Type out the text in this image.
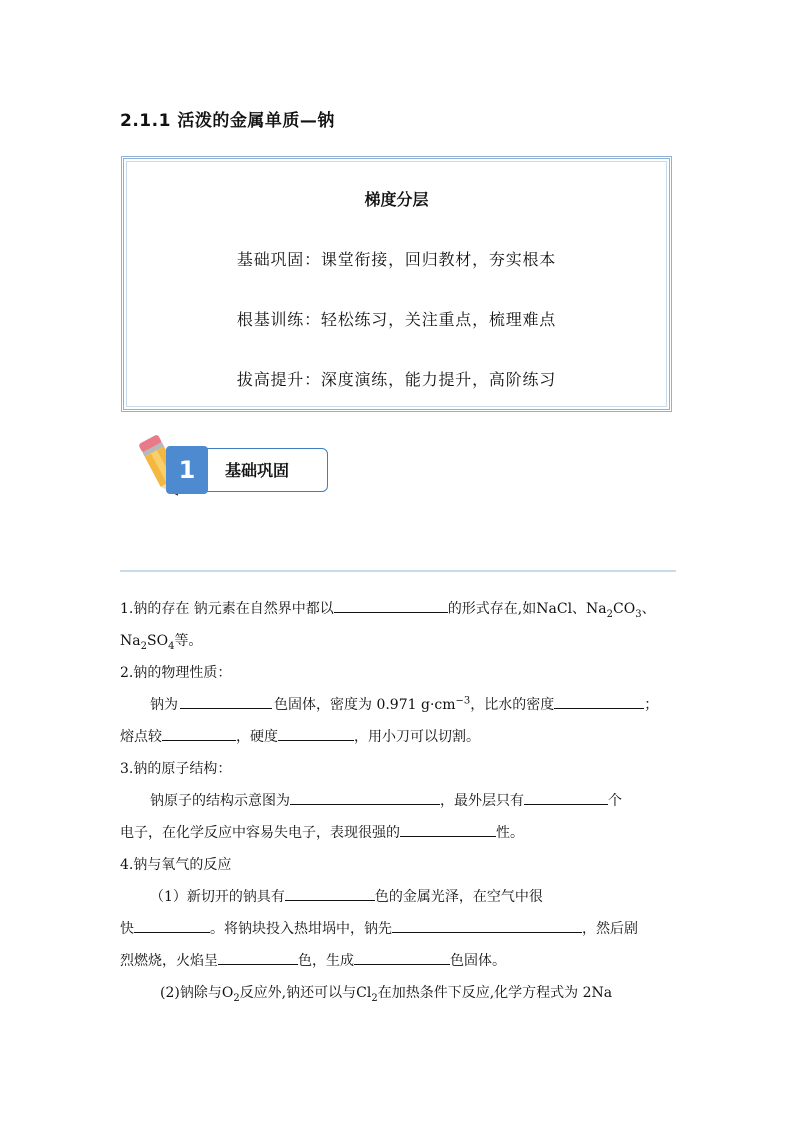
2.1.1 活泼的金属单质—钠
梯度分层
基础巩固：课堂衔接，回归教材，夯实根本
根基训练：轻松练习，关注重点，梳理难点
拔高提升：深度演练，能力提升，高阶练习
1	基础巩固
1.钠的存在 钠元素在自然界中都以	的形式存在,如NaCl、$Na_2CO_3$、
$Na_2SO_4$等。
2.钠的物理性质：
钠为	色固体，密度为 0.971 $g\cdot cm^{-3}$，比水的密度	；
熔点较	，硬度	，用小刀可以切割。
3.钠的原子结构：
钠原子的结构示意图为	，最外层只有	个
电子，在化学反应中容易失电子，表现很强的	性。
4.钠与氧气的反应
（1）新切开的钠具有	色的金属光泽，在空气中很
快	。将钠块投入热坩埚中，钠先	，然后剧
烈燃烧，火焰呈	色，生成	色固体。
(2)钠除与$O_2$反应外,钠还可以与$Cl_2$在加热条件下反应,化学方程式为 2Na
